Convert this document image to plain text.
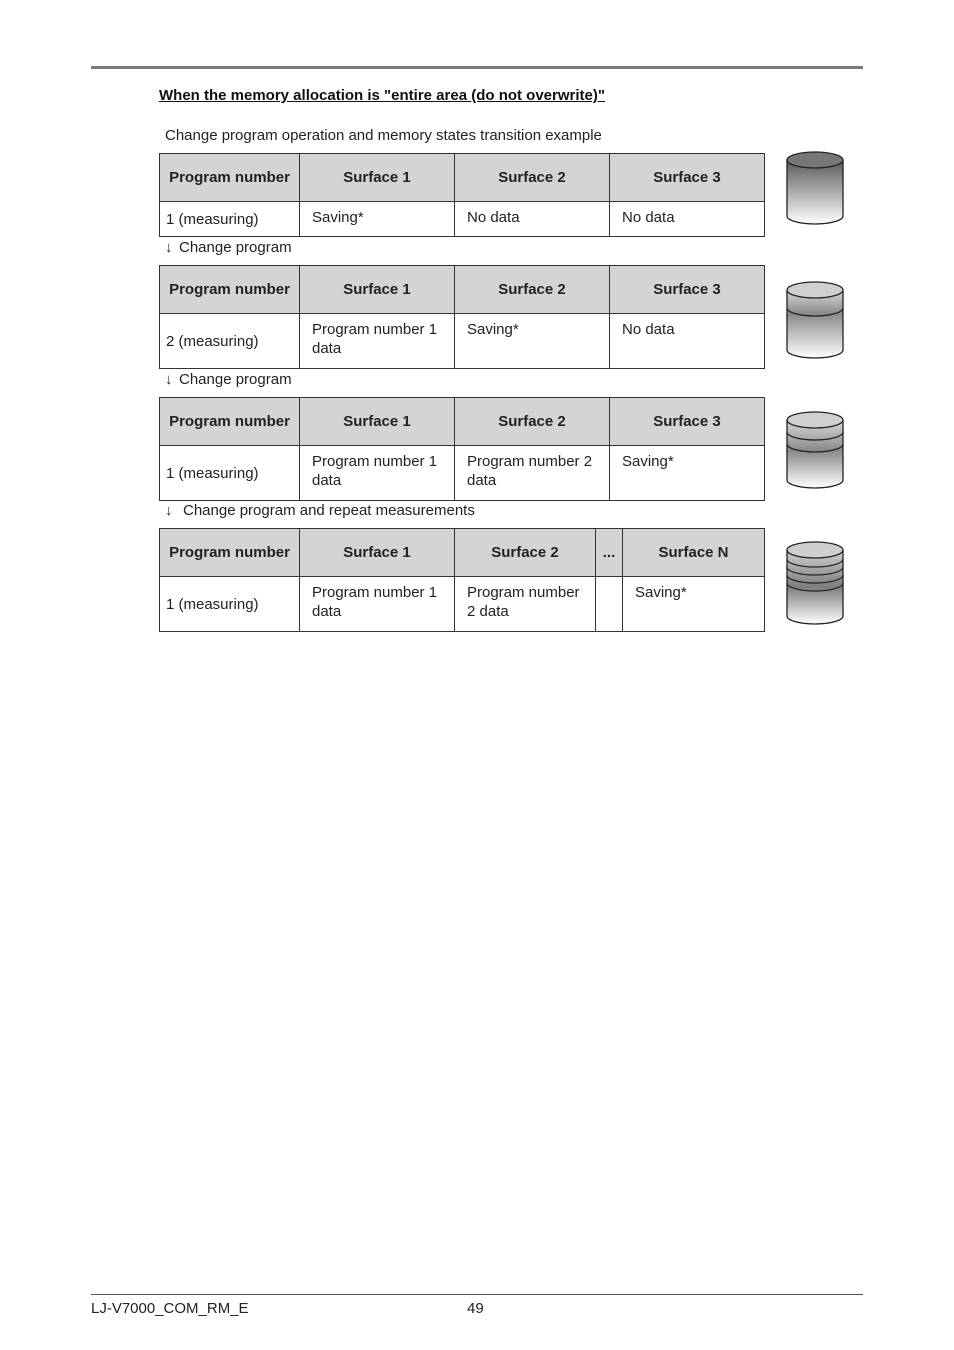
When the memory allocation is "entire area (do not overwrite)"
Change program operation and memory states transition example
Program number	Surface 1	Surface 2	Surface 3
1 (measuring)	Saving*	No data	No data
↓ Change program
Program number	Surface 1	Surface 2	Surface 3
2 (measuring)	Program number 1 data	Saving*	No data
↓ Change program
Program number	Surface 1	Surface 2	Surface 3
1 (measuring)	Program number 1 data	Program number 2 data	Saving*
↓ Change program and repeat measurements
Program number	Surface 1	Surface 2	...	Surface N
1 (measuring)	Program number 1 data	Program number 2 data		Saving*
LJ-V7000_COM_RM_E	49
